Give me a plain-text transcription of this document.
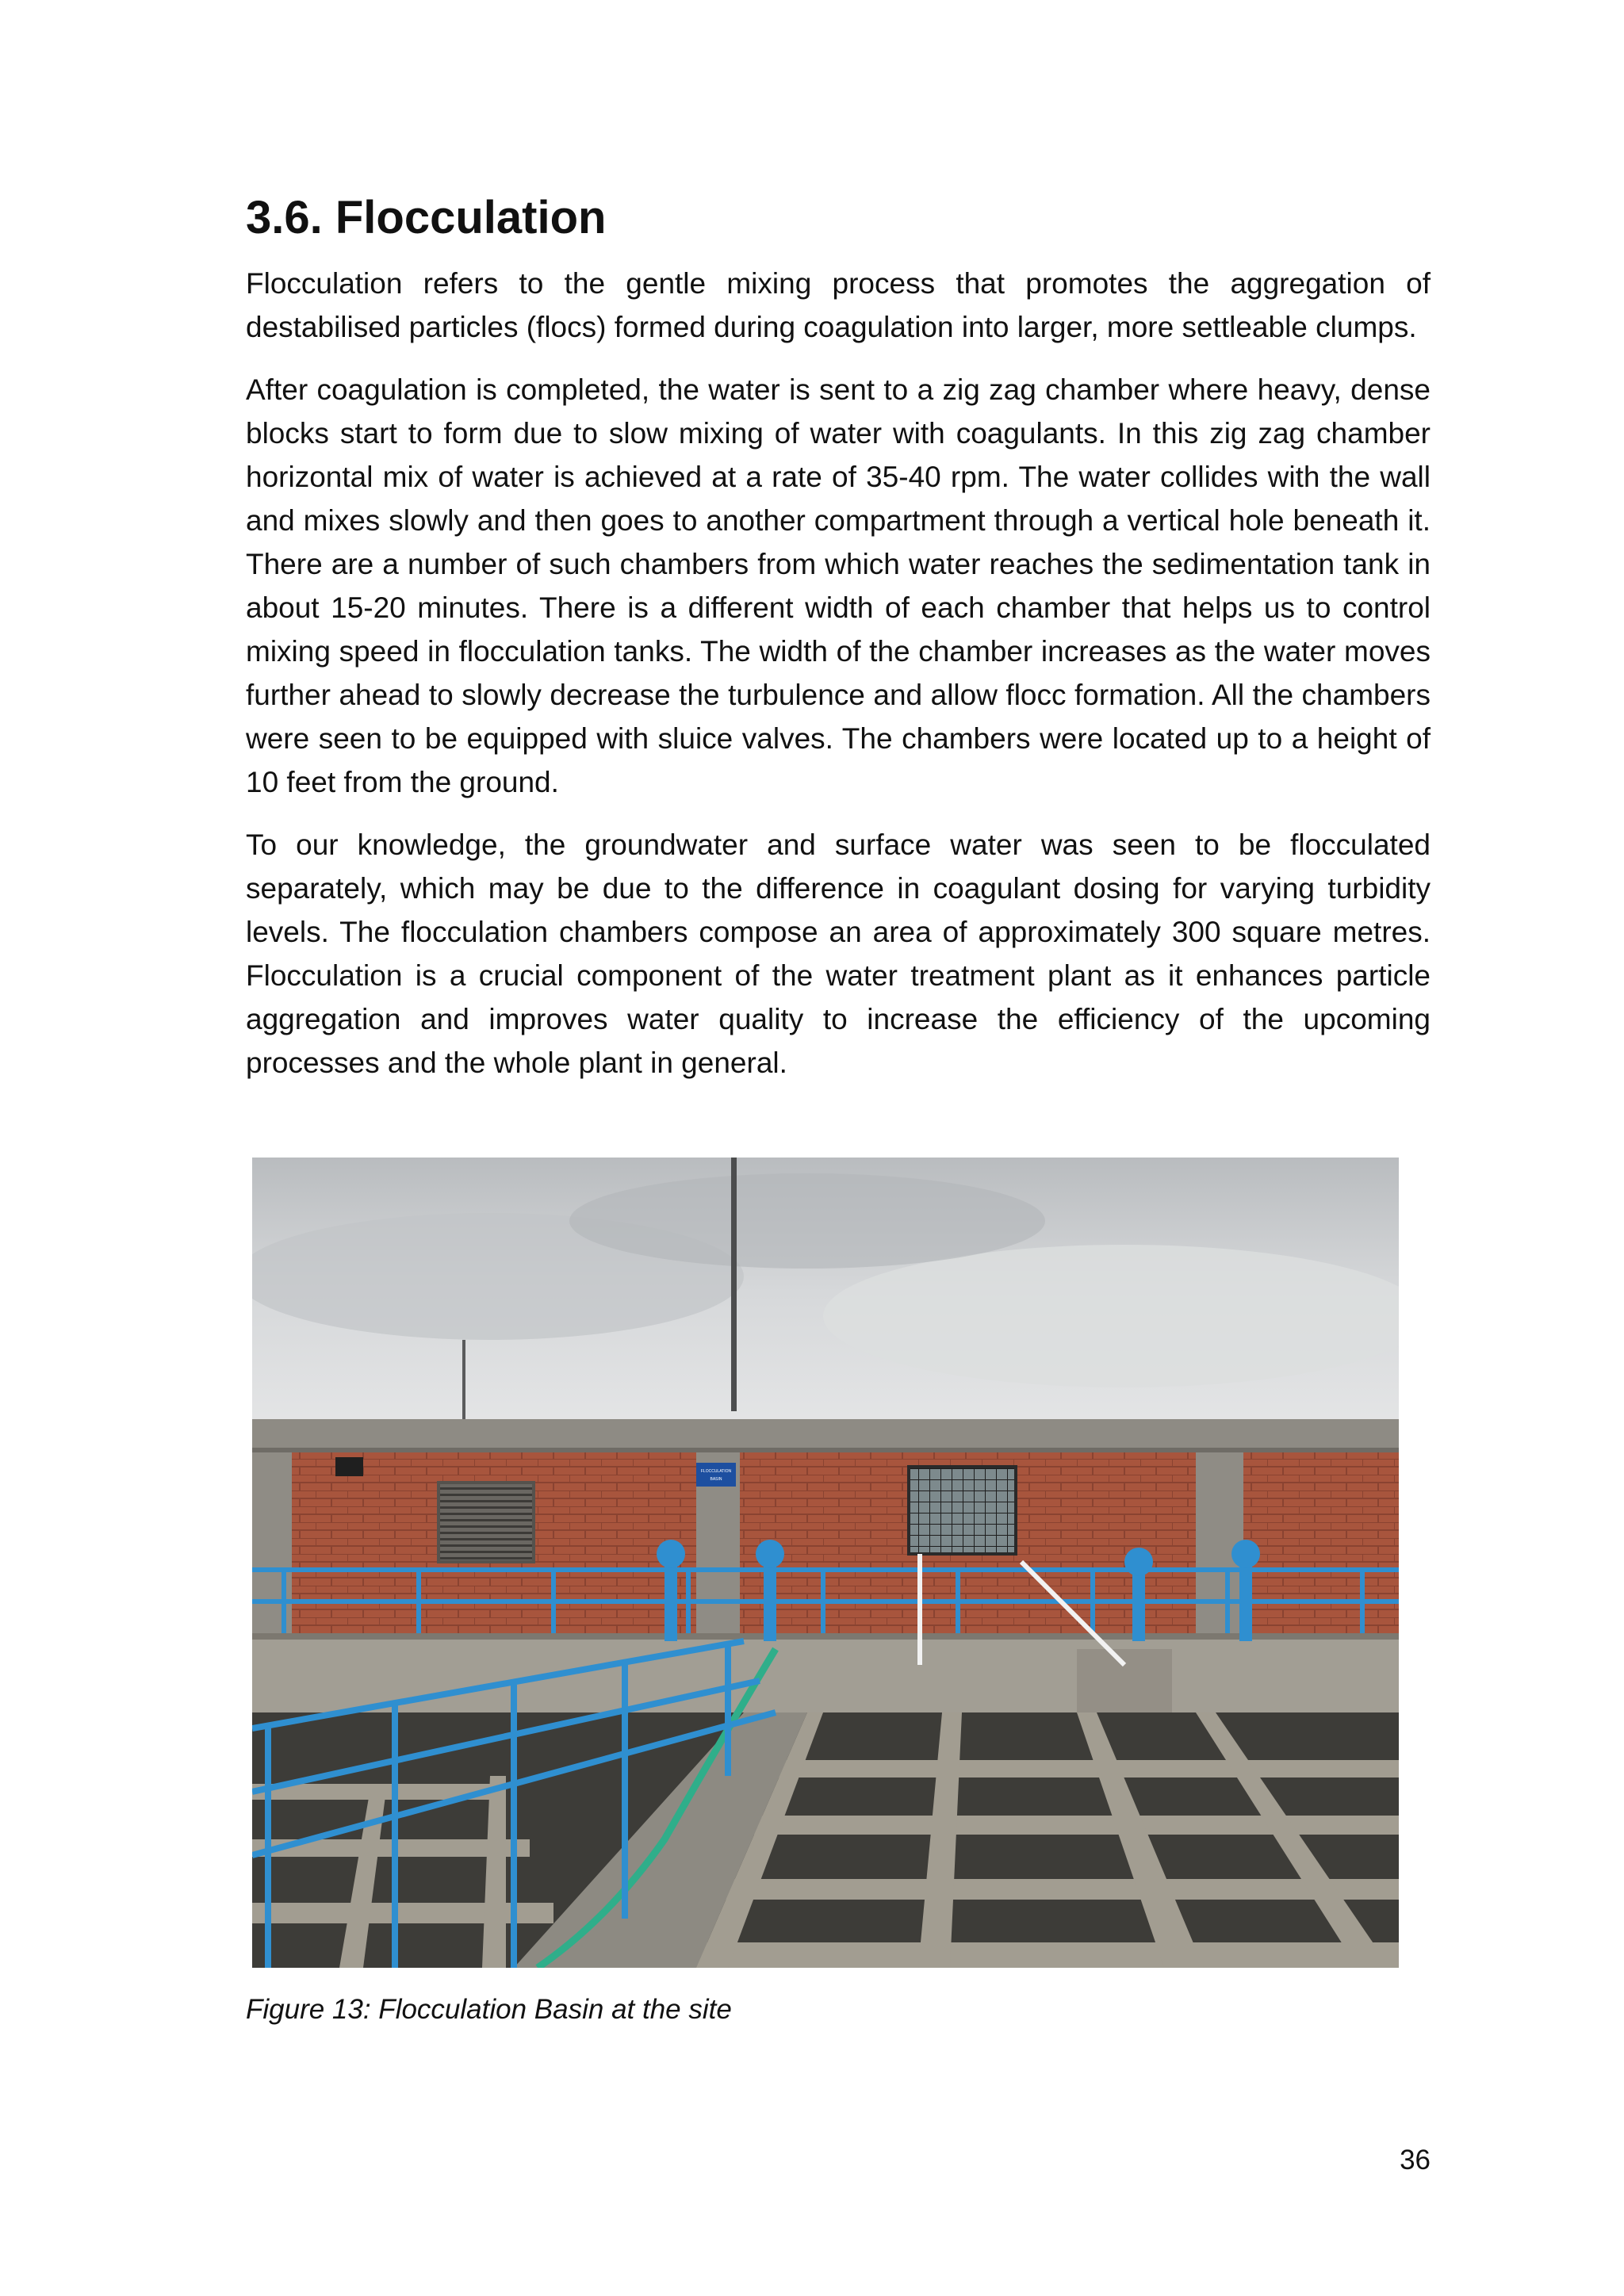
3.6. Flocculation

Flocculation refers to the gentle mixing process that promotes the aggregation of destabilised particles (flocs) formed during coagulation into larger, more settleable clumps.

After coagulation is completed, the water is sent to a zig zag chamber where heavy, dense blocks start to form due to slow mixing of water with coagulants. In this zig zag chamber horizontal mix of water is achieved at a rate of 35-40 rpm. The water collides with the wall and mixes slowly and then goes to another compartment through a vertical hole beneath it. There are a number of such chambers from which water reaches the sedimentation tank in about 15-20 minutes. There is a different width of each chamber that helps us to control mixing speed in flocculation tanks. The width of the chamber increases as the water moves further ahead to slowly decrease the turbulence and allow flocc formation. All the chambers were seen to be equipped with sluice valves. The chambers were located up to a height of 10 feet from the ground.

To our knowledge, the groundwater and surface water was seen to be flocculated separately, which may be due to the difference in coagulant dosing for varying turbidity levels. The flocculation chambers compose an area of approximately 300 square metres. Flocculation is a crucial component of the water treatment plant as it enhances particle aggregation and improves water quality to increase the efficiency of the upcoming processes and the whole plant in general.

FLOCCULATION
BASIN
Figure 13: Flocculation Basin at the site
36
